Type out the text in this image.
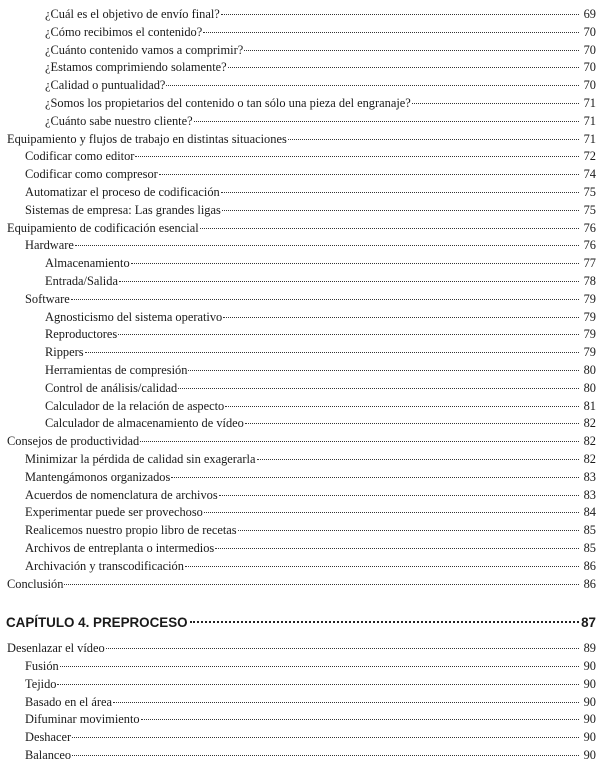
¿Cuál es el objetivo de envío final?	69
¿Cómo recibimos el contenido?	70
¿Cuánto contenido vamos a comprimir?	70
¿Estamos comprimiendo solamente?	70
¿Calidad o puntualidad?	70
¿Somos los propietarios del contenido o tan sólo una pieza del engranaje?	71
¿Cuánto sabe nuestro cliente?	71
Equipamiento y flujos de trabajo en distintas situaciones	71
Codificar como editor	72
Codificar como compresor	74
Automatizar el proceso de codificación	75
Sistemas de empresa: Las grandes ligas	75
Equipamiento de codificación esencial	76
Hardware	76
Almacenamiento	77
Entrada/Salida	78
Software	79
Agnosticismo del sistema operativo	79
Reproductores	79
Rippers	79
Herramientas de compresión	80
Control de análisis/calidad	80
Calculador de la relación de aspecto	81
Calculador de almacenamiento de vídeo	82
Consejos de productividad	82
Minimizar la pérdida de calidad sin exagerarla	82
Mantengámonos organizados	83
Acuerdos de nomenclatura de archivos	83
Experimentar puede ser provechoso	84
Realicemos nuestro propio libro de recetas	85
Archivos de entreplanta o intermedios	85
Archivación y transcodificación	86
Conclusión	86
CAPÍTULO 4. PREPROCESO	87
Desenlazar el vídeo	89
Fusión	90
Tejido	90
Basado en el área	90
Difuminar movimiento	90
Deshacer	90
Balanceo	90
